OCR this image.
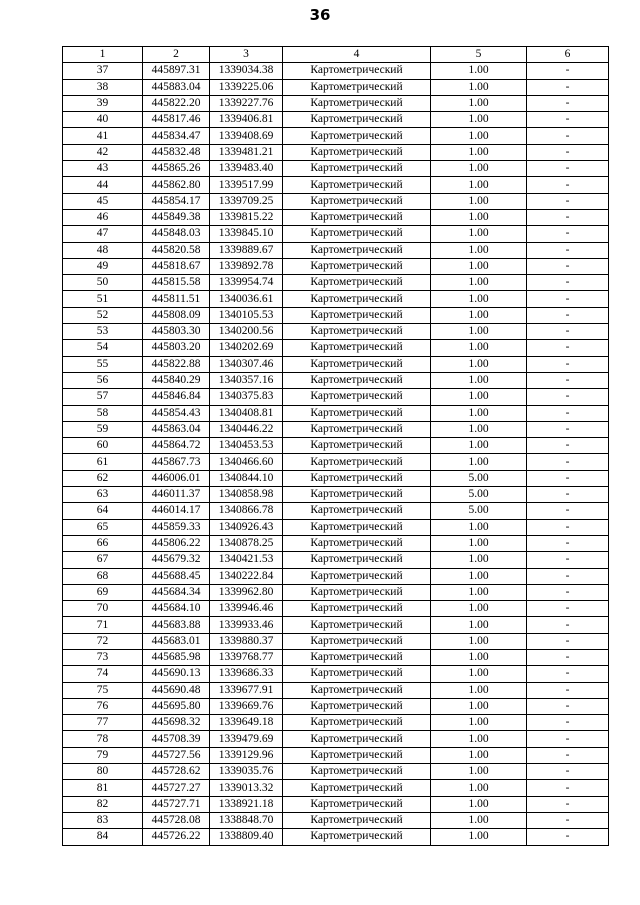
36
1	2	3	4	5	6
37	445897.31	1339034.38	Картометрический	1.00	-
38	445883.04	1339225.06	Картометрический	1.00	-
39	445822.20	1339227.76	Картометрический	1.00	-
40	445817.46	1339406.81	Картометрический	1.00	-
41	445834.47	1339408.69	Картометрический	1.00	-
42	445832.48	1339481.21	Картометрический	1.00	-
43	445865.26	1339483.40	Картометрический	1.00	-
44	445862.80	1339517.99	Картометрический	1.00	-
45	445854.17	1339709.25	Картометрический	1.00	-
46	445849.38	1339815.22	Картометрический	1.00	-
47	445848.03	1339845.10	Картометрический	1.00	-
48	445820.58	1339889.67	Картометрический	1.00	-
49	445818.67	1339892.78	Картометрический	1.00	-
50	445815.58	1339954.74	Картометрический	1.00	-
51	445811.51	1340036.61	Картометрический	1.00	-
52	445808.09	1340105.53	Картометрический	1.00	-
53	445803.30	1340200.56	Картометрический	1.00	-
54	445803.20	1340202.69	Картометрический	1.00	-
55	445822.88	1340307.46	Картометрический	1.00	-
56	445840.29	1340357.16	Картометрический	1.00	-
57	445846.84	1340375.83	Картометрический	1.00	-
58	445854.43	1340408.81	Картометрический	1.00	-
59	445863.04	1340446.22	Картометрический	1.00	-
60	445864.72	1340453.53	Картометрический	1.00	-
61	445867.73	1340466.60	Картометрический	1.00	-
62	446006.01	1340844.10	Картометрический	5.00	-
63	446011.37	1340858.98	Картометрический	5.00	-
64	446014.17	1340866.78	Картометрический	5.00	-
65	445859.33	1340926.43	Картометрический	1.00	-
66	445806.22	1340878.25	Картометрический	1.00	-
67	445679.32	1340421.53	Картометрический	1.00	-
68	445688.45	1340222.84	Картометрический	1.00	-
69	445684.34	1339962.80	Картометрический	1.00	-
70	445684.10	1339946.46	Картометрический	1.00	-
71	445683.88	1339933.46	Картометрический	1.00	-
72	445683.01	1339880.37	Картометрический	1.00	-
73	445685.98	1339768.77	Картометрический	1.00	-
74	445690.13	1339686.33	Картометрический	1.00	-
75	445690.48	1339677.91	Картометрический	1.00	-
76	445695.80	1339669.76	Картометрический	1.00	-
77	445698.32	1339649.18	Картометрический	1.00	-
78	445708.39	1339479.69	Картометрический	1.00	-
79	445727.56	1339129.96	Картометрический	1.00	-
80	445728.62	1339035.76	Картометрический	1.00	-
81	445727.27	1339013.32	Картометрический	1.00	-
82	445727.71	1338921.18	Картометрический	1.00	-
83	445728.08	1338848.70	Картометрический	1.00	-
84	445726.22	1338809.40	Картометрический	1.00	-
